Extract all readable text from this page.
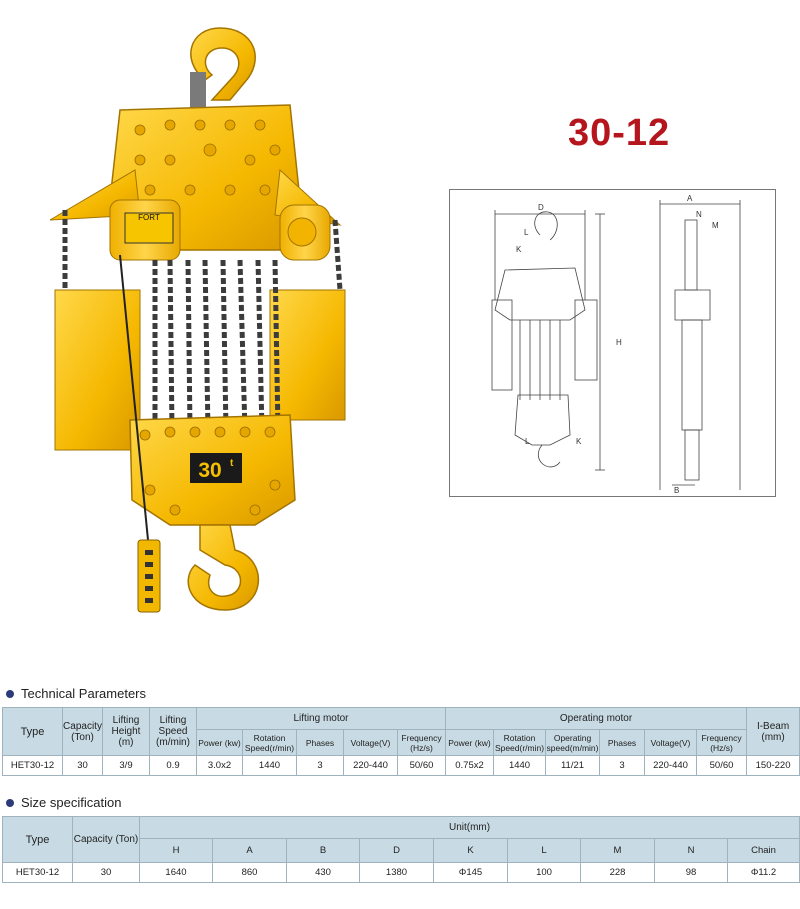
FORT
30 t
30-12
D
K
L
L	K
H
A
N
M
B
Technical Parameters
Type	Capacity (Ton)	Lifting Height (m)	Lifting Speed (m/min)	Lifting motor					Operating motor						I-Beam (mm)
				Power (kw)	Rotation Speed(r/min)	Phases	Voltage(V)	Frequency (Hz/s)	Power (kw)	Rotation Speed(r/min)	Operating speed(m/min)	Phases	Voltage(V)	Frequency (Hz/s)	
HET30-12	30	3/9	0.9	3.0x2	1440	3	220-440	50/60	0.75x2	1440	11/21	3	220-440	50/60	150-220
Size specification
Type	Capacity (Ton)	Unit(mm)								
		H	A	B	D	K	L	M	N	Chain
HET30-12	30	1640	860	430	1380	Φ145	100	228	98	Φ11.2
